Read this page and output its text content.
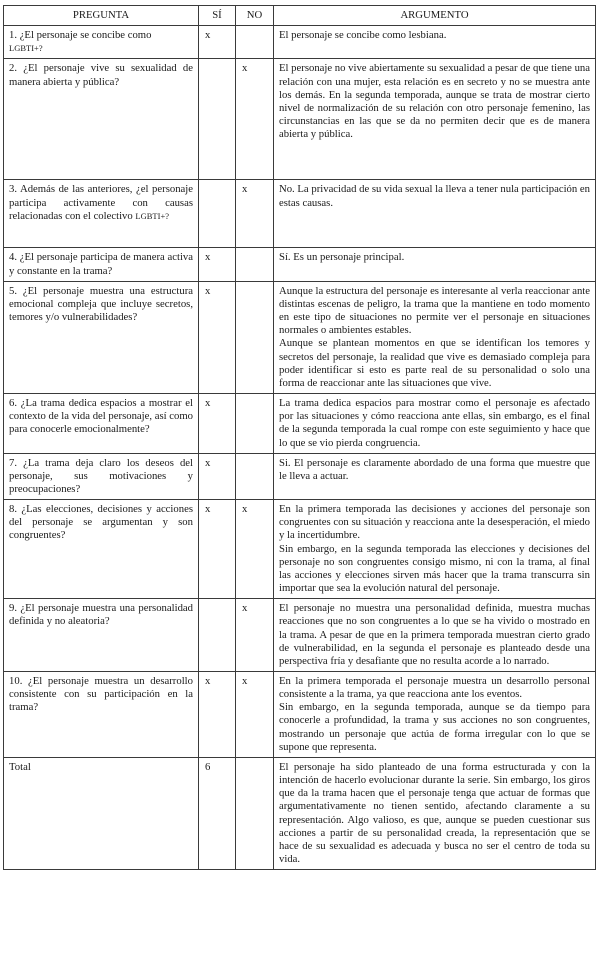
PREGUNTA	SÍ	NO	ARGUMENTO
1. ¿El personaje se concibe como
LGBTI+?	x		El personaje se concibe como lesbiana.

2. ¿El personaje vive su sexualidad de manera abierta y pública?		x	El personaje no vive abiertamente su sexualidad a pesar de que tiene una relación con una mujer, esta relación es en secreto y no se muestra ante los demás. En la segunda temporada, aunque se trata de mostrar cierto nivel de normalización de su relación con otro personaje femenino, las circunstancias en las que se da no permiten decir que es de manera abierta y pública.

3. Además de las anteriores, ¿el personaje participa activamente con causas relacionadas con el colectivo LGBTI+?		x	No. La privacidad de su vida sexual la lleva a tener nula participación en estas causas.

4. ¿El personaje participa de manera activa y constante en la trama?	x		Sí. Es un personaje principal.

5. ¿El personaje muestra una estructura emocional compleja que incluye secretos, temores y/o vulnerabilidades?	x		Aunque la estructura del personaje es interesante al verla reaccionar ante distintas escenas de peligro, la trama que la mantiene en todo momento en este tipo de situaciones no permite ver el personaje en situaciones normales o ambientes estables.

Aunque se plantean momentos en que se identifican los temores y secretos del personaje, la realidad que vive es demasiado compleja para poder identificar si esto es parte real de su personalidad o solo una forma de reaccionar ante las situaciones que vive.

6. ¿La trama dedica espacios a mostrar el contexto de la vida del personaje, así como para conocerle emocionalmente?	x		La trama dedica espacios para mostrar como el personaje es afectado por las situaciones y cómo reacciona ante ellas, sin embargo, es el final de la segunda temporada la cual rompe con este seguimiento y hace que lo que se vio pierda congruencia.

7. ¿La trama deja claro los deseos del personaje, sus motivaciones y preocupaciones?	x		Si. El personaje es claramente abordado de una forma que muestre que le lleva a actuar.

8. ¿Las elecciones, decisiones y acciones del personaje se argumentan y son congruentes?	x	x	En la primera temporada las decisiones y acciones del personaje son congruentes con su situación y reacciona ante la desesperación, el miedo y la incertidumbre.

Sin embargo, en la segunda temporada las elecciones y decisiones del personaje no son congruentes consigo mismo, ni con la trama, al final las acciones y elecciones sirven más hacer que la trama transcurra sin importar que sea la evolución natural del personaje.

9. ¿El personaje muestra una personalidad definida y no aleatoria?		x	El personaje no muestra una personalidad definida, muestra muchas reacciones que no son congruentes a lo que se ha vivido o mostrado en la trama. A pesar de que en la primera temporada muestran cierto grado de vulnerabilidad, en la segunda el personaje es planteado desde una perspectiva fría y desafiante que no resulta acorde a lo narrado.

10. ¿El personaje muestra un desarrollo consistente con su participación en la trama?	x	x	En la primera temporada el personaje muestra un desarrollo personal consistente a la trama, ya que reacciona ante los eventos.

Sin embargo, en la segunda temporada, aunque se da tiempo para conocerle a profundidad, la trama y sus acciones no son congruentes, mostrando un personaje que actúa de forma irregular con lo que se supone que representa.

Total	6		El personaje ha sido planteado de una forma estructurada y con la intención de hacerlo evolucionar durante la serie. Sin embargo, los giros que da la trama hacen que el personaje tenga que actuar de formas que argumentativamente no tienen sentido, afectando claramente a su representación. Algo valioso, es que, aunque se pueden cuestionar sus acciones a partir de su personalidad creada, la representación que se hace de su sexualidad es adecuada y busca no ser el centro de toda su vida.
